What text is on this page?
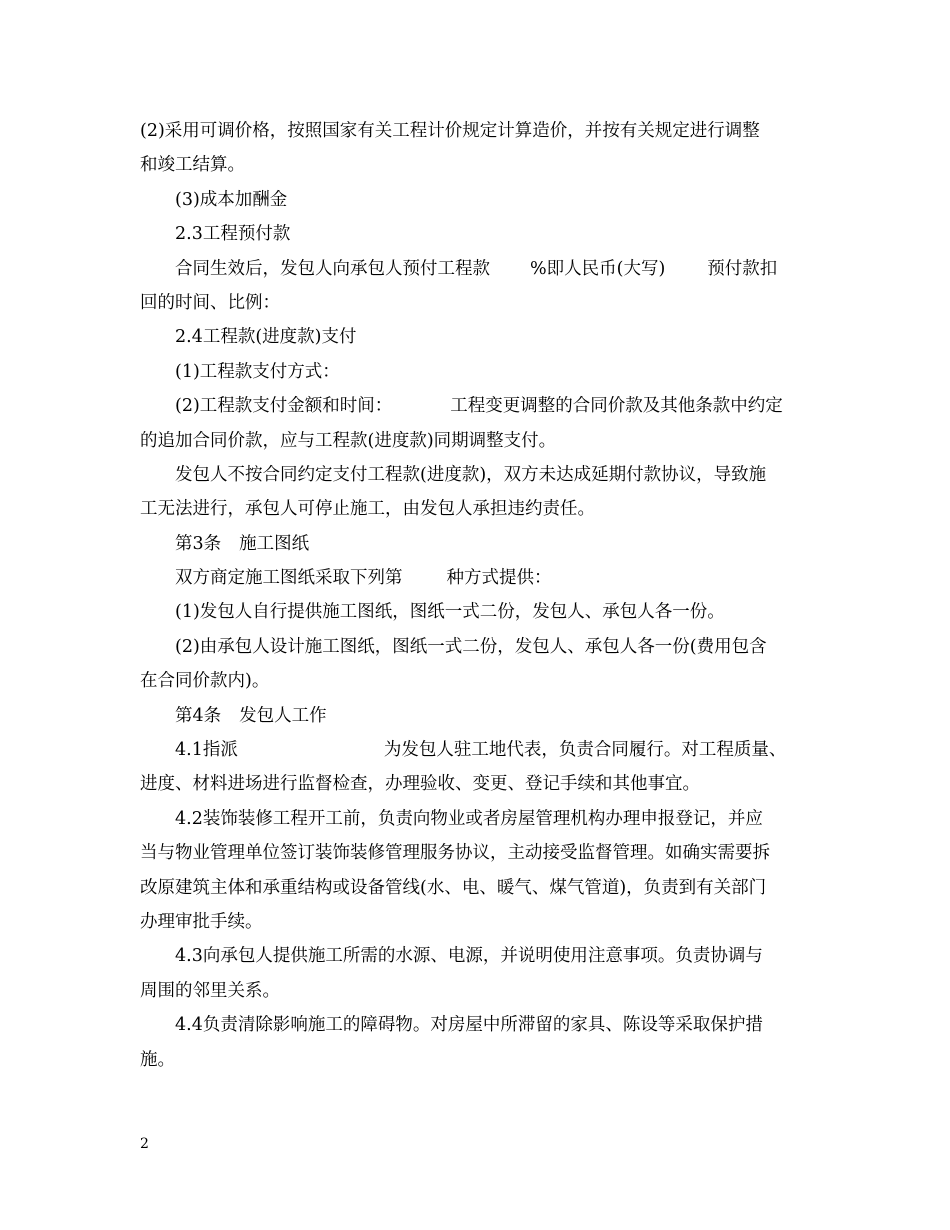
(2)采用可调价格，按照国家有关工程计价规定计算造价，并按有关规定进行调整
和竣工结算。
(3)成本加酬金
2.3工程预付款
合同生效后，发包人向承包人预付工程款 %即人民币(大写) 预付款扣
回的时间、比例：
2.4工程款(进度款)支付
(1)工程款支付方式：
(2)工程款支付金额和时间：	工程变更调整的合同价款及其他条款中约定
的追加合同价款，应与工程款(进度款)同期调整支付。
发包人不按合同约定支付工程款(进度款)，双方未达成延期付款协议，导致施
工无法进行，承包人可停止施工，由发包人承担违约责任。
第3条 施工图纸
双方商定施工图纸采取下列第	种方式提供：
(1)发包人自行提供施工图纸，图纸一式二份，发包人、承包人各一份。
(2)由承包人设计施工图纸，图纸一式二份，发包人、承包人各一份(费用包含
在合同价款内)。
第4条 发包人工作
4.1指派	为发包人驻工地代表，负责合同履行。对工程质量、
进度、材料进场进行监督检查，办理验收、变更、登记手续和其他事宜。
4.2装饰装修工程开工前，负责向物业或者房屋管理机构办理申报登记，并应
当与物业管理单位签订装饰装修管理服务协议，主动接受监督管理。如确实需要拆
改原建筑主体和承重结构或设备管线(水、电、暖气、煤气管道)，负责到有关部门
办理审批手续。
4.3向承包人提供施工所需的水源、电源，并说明使用注意事项。负责协调与
周围的邻里关系。
4.4负责清除影响施工的障碍物。对房屋中所滞留的家具、陈设等采取保护措
施。
2
